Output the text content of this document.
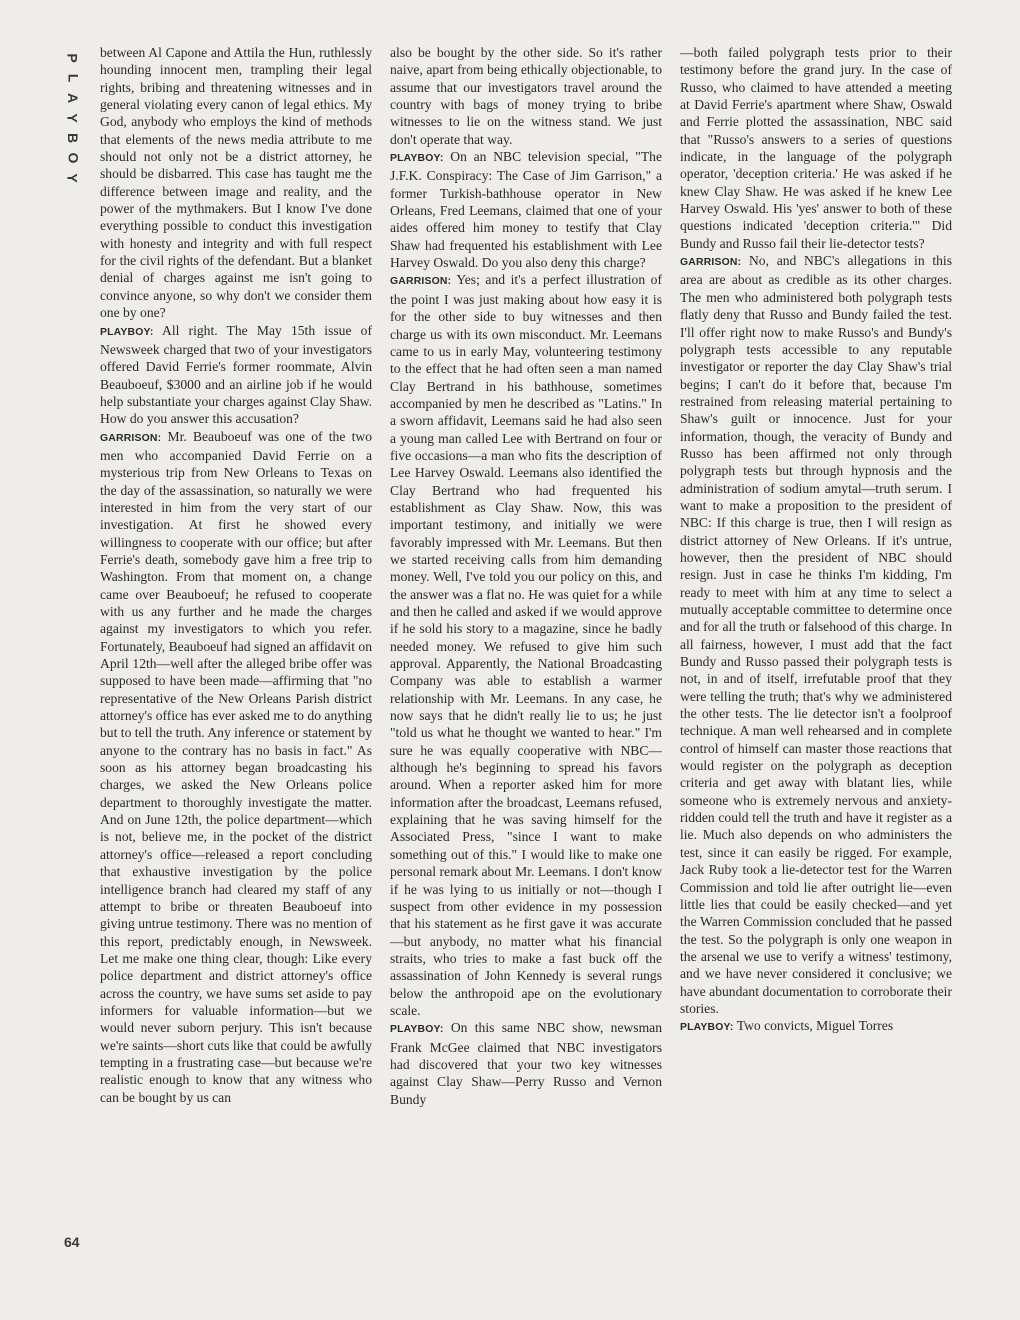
P
L
A
Y
B
O
Y
64

between Al Capone and Attila the Hun, ruthlessly hounding innocent men, trampling their legal rights, bribing and threatening witnesses and in general violating every canon of legal ethics. My God, anybody who employs the kind of methods that elements of the news media attribute to me should not only not be a district attorney, he should be disbarred. This case has taught me the difference between image and reality, and the power of the mythmakers. But I know I've done everything possible to conduct this investigation with honesty and integrity and with full respect for the civil rights of the defendant. But a blanket denial of charges against me isn't going to convince anyone, so why don't we consider them one by one?

PLAYBOY: All right. The May 15th issue of Newsweek charged that two of your investigators offered David Ferrie's former roommate, Alvin Beauboeuf, $3000 and an airline job if he would help substantiate your charges against Clay Shaw. How do you answer this accusation?

GARRISON: Mr. Beauboeuf was one of the two men who accompanied David Ferrie on a mysterious trip from New Orleans to Texas on the day of the assassination, so naturally we were interested in him from the very start of our investigation. At first he showed every willingness to cooperate with our office; but after Ferrie's death, somebody gave him a free trip to Washington. From that moment on, a change came over Beauboeuf; he refused to cooperate with us any further and he made the charges against my investigators to which you refer. Fortunately, Beauboeuf had signed an affidavit on April 12th—well after the alleged bribe offer was supposed to have been made—affirming that "no representative of the New Orleans Parish district attorney's office has ever asked me to do anything but to tell the truth. Any inference or statement by anyone to the contrary has no basis in fact." As soon as his attorney began broadcasting his charges, we asked the New Orleans police department to thoroughly investigate the matter. And on June 12th, the police department—which is not, believe me, in the pocket of the district attorney's office—released a report concluding that exhaustive investigation by the police intelligence branch had cleared my staff of any attempt to bribe or threaten Beauboeuf into giving untrue testimony. There was no mention of this report, predictably enough, in Newsweek. Let me make one thing clear, though: Like every police department and district attorney's office across the country, we have sums set aside to pay informers for valuable information—but we would never suborn perjury. This isn't because we're saints—short cuts like that could be awfully tempting in a frustrating case—but because we're realistic enough to know that any witness who can be bought by us can

also be bought by the other side. So it's rather naive, apart from being ethically objectionable, to assume that our investigators travel around the country with bags of money trying to bribe witnesses to lie on the witness stand. We just don't operate that way.

PLAYBOY: On an NBC television special, "The J.F.K. Conspiracy: The Case of Jim Garrison," a former Turkish-bathhouse operator in New Orleans, Fred Leemans, claimed that one of your aides offered him money to testify that Clay Shaw had frequented his establishment with Lee Harvey Oswald. Do you also deny this charge?

GARRISON: Yes; and it's a perfect illustration of the point I was just making about how easy it is for the other side to buy witnesses and then charge us with its own misconduct. Mr. Leemans came to us in early May, volunteering testimony to the effect that he had often seen a man named Clay Bertrand in his bathhouse, sometimes accompanied by men he described as "Latins." In a sworn affidavit, Leemans said he had also seen a young man called Lee with Bertrand on four or five occasions—a man who fits the description of Lee Harvey Oswald. Leemans also identified the Clay Bertrand who had frequented his establishment as Clay Shaw. Now, this was important testimony, and initially we were favorably impressed with Mr. Leemans. But then we started receiving calls from him demanding money. Well, I've told you our policy on this, and the answer was a flat no. He was quiet for a while and then he called and asked if we would approve if he sold his story to a magazine, since he badly needed money. We refused to give him such approval. Apparently, the National Broadcasting Company was able to establish a warmer relationship with Mr. Leemans. In any case, he now says that he didn't really lie to us; he just "told us what he thought we wanted to hear." I'm sure he was equally cooperative with NBC—although he's beginning to spread his favors around. When a reporter asked him for more information after the broadcast, Leemans refused, explaining that he was saving himself for the Associated Press, "since I want to make something out of this." I would like to make one personal remark about Mr. Leemans. I don't know if he was lying to us initially or not—though I suspect from other evidence in my possession that his statement as he first gave it was accurate—but anybody, no matter what his financial straits, who tries to make a fast buck off the assassination of John Kennedy is several rungs below the anthropoid ape on the evolutionary scale.

PLAYBOY: On this same NBC show, newsman Frank McGee claimed that NBC investigators had discovered that your two key witnesses against Clay Shaw—Perry Russo and Vernon Bundy

—both failed polygraph tests prior to their testimony before the grand jury. In the case of Russo, who claimed to have attended a meeting at David Ferrie's apartment where Shaw, Oswald and Ferrie plotted the assassination, NBC said that "Russo's answers to a series of questions indicate, in the language of the polygraph operator, 'deception criteria.' He was asked if he knew Clay Shaw. He was asked if he knew Lee Harvey Oswald. His 'yes' answer to both of these questions indicated 'deception criteria.'" Did Bundy and Russo fail their lie-detector tests?

GARRISON: No, and NBC's allegations in this area are about as credible as its other charges. The men who administered both polygraph tests flatly deny that Russo and Bundy failed the test. I'll offer right now to make Russo's and Bundy's polygraph tests accessible to any reputable investigator or reporter the day Clay Shaw's trial begins; I can't do it before that, because I'm restrained from releasing material pertaining to Shaw's guilt or innocence. Just for your information, though, the veracity of Bundy and Russo has been affirmed not only through polygraph tests but through hypnosis and the administration of sodium amytal—truth serum. I want to make a proposition to the president of NBC: If this charge is true, then I will resign as district attorney of New Orleans. If it's untrue, however, then the president of NBC should resign. Just in case he thinks I'm kidding, I'm ready to meet with him at any time to select a mutually acceptable committee to determine once and for all the truth or falsehood of this charge. In all fairness, however, I must add that the fact Bundy and Russo passed their polygraph tests is not, in and of itself, irrefutable proof that they were telling the truth; that's why we administered the other tests. The lie detector isn't a foolproof technique. A man well rehearsed and in complete control of himself can master those reactions that would register on the polygraph as deception criteria and get away with blatant lies, while someone who is extremely nervous and anxiety-ridden could tell the truth and have it register as a lie. Much also depends on who administers the test, since it can easily be rigged. For example, Jack Ruby took a lie-detector test for the Warren Commission and told lie after outright lie—even little lies that could be easily checked—and yet the Warren Commission concluded that he passed the test. So the polygraph is only one weapon in the arsenal we use to verify a witness' testimony, and we have never considered it conclusive; we have abundant documentation to corroborate their stories.

PLAYBOY: Two convicts, Miguel Torres
